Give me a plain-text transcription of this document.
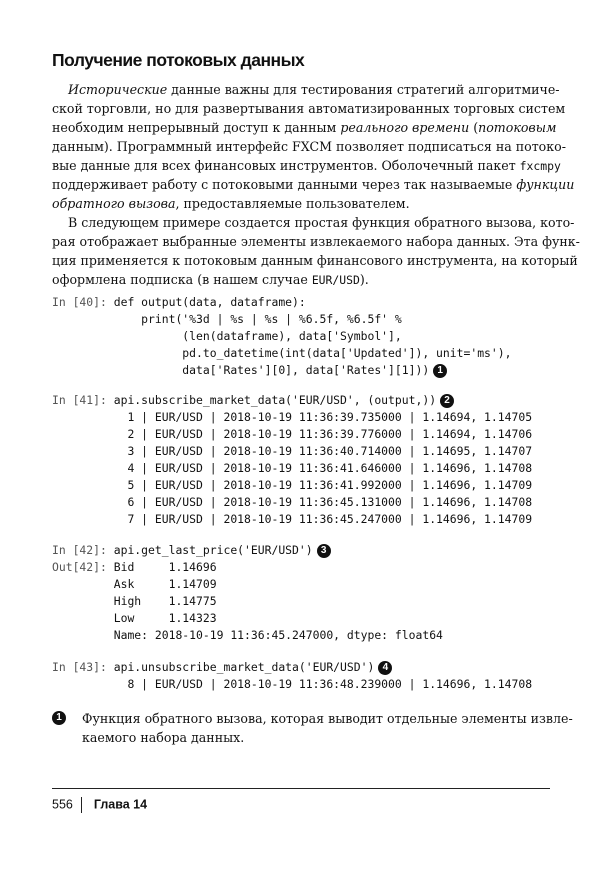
Получение потоковых данных
Исторические данные важны для тестирования стратегий алгоритмиче-
ской торговли, но для развертывания автоматизированных торговых систем
необходим непрерывный доступ к данным реального времени (потоковым
данным). Программный интерфейс FXCM позволяет подписаться на потоко-
вые данные для всех финансовых инструментов. Оболочечный пакет fxcmpy
поддерживает работу с потоковыми данными через так называемые функции
обратного вызова, предоставляемые пользователем.
В следующем примере создается простая функция обратного вызова, кото-
рая отображает выбранные элементы извлекаемого набора данных. Эта функ-
ция применяется к потоковым данным финансового инструмента, на который
оформлена подписка (в нашем случае EUR/USD).
In [40]: def output(data, dataframe):
print('%3d | %s | %s | %6.5f, %6.5f' %
(len(dataframe), data['Symbol'],
pd.to_datetime(int(data['Updated']), unit='ms'),
data['Rates'][0], data['Rates'][1])) 1
In [41]: api.subscribe_market_data('EUR/USD', (output,)) 2
1 | EUR/USD | 2018-10-19 11:36:39.735000 | 1.14694, 1.14705
2 | EUR/USD | 2018-10-19 11:36:39.776000 | 1.14694, 1.14706
3 | EUR/USD | 2018-10-19 11:36:40.714000 | 1.14695, 1.14707
4 | EUR/USD | 2018-10-19 11:36:41.646000 | 1.14696, 1.14708
5 | EUR/USD | 2018-10-19 11:36:41.992000 | 1.14696, 1.14709
6 | EUR/USD | 2018-10-19 11:36:45.131000 | 1.14696, 1.14708
7 | EUR/USD | 2018-10-19 11:36:45.247000 | 1.14696, 1.14709
In [42]: api.get_last_price('EUR/USD') 3
Out[42]: Bid     1.14696
Ask     1.14709
High    1.14775
Low     1.14323
Name: 2018-10-19 11:36:45.247000, dtype: float64
In [43]: api.unsubscribe_market_data('EUR/USD') 4
8 | EUR/USD | 2018-10-19 11:36:48.239000 | 1.14696, 1.14708
1	Функция обратного вызова, которая выводит отдельные элементы извле-
каемого набора данных.
556 Глава 14
